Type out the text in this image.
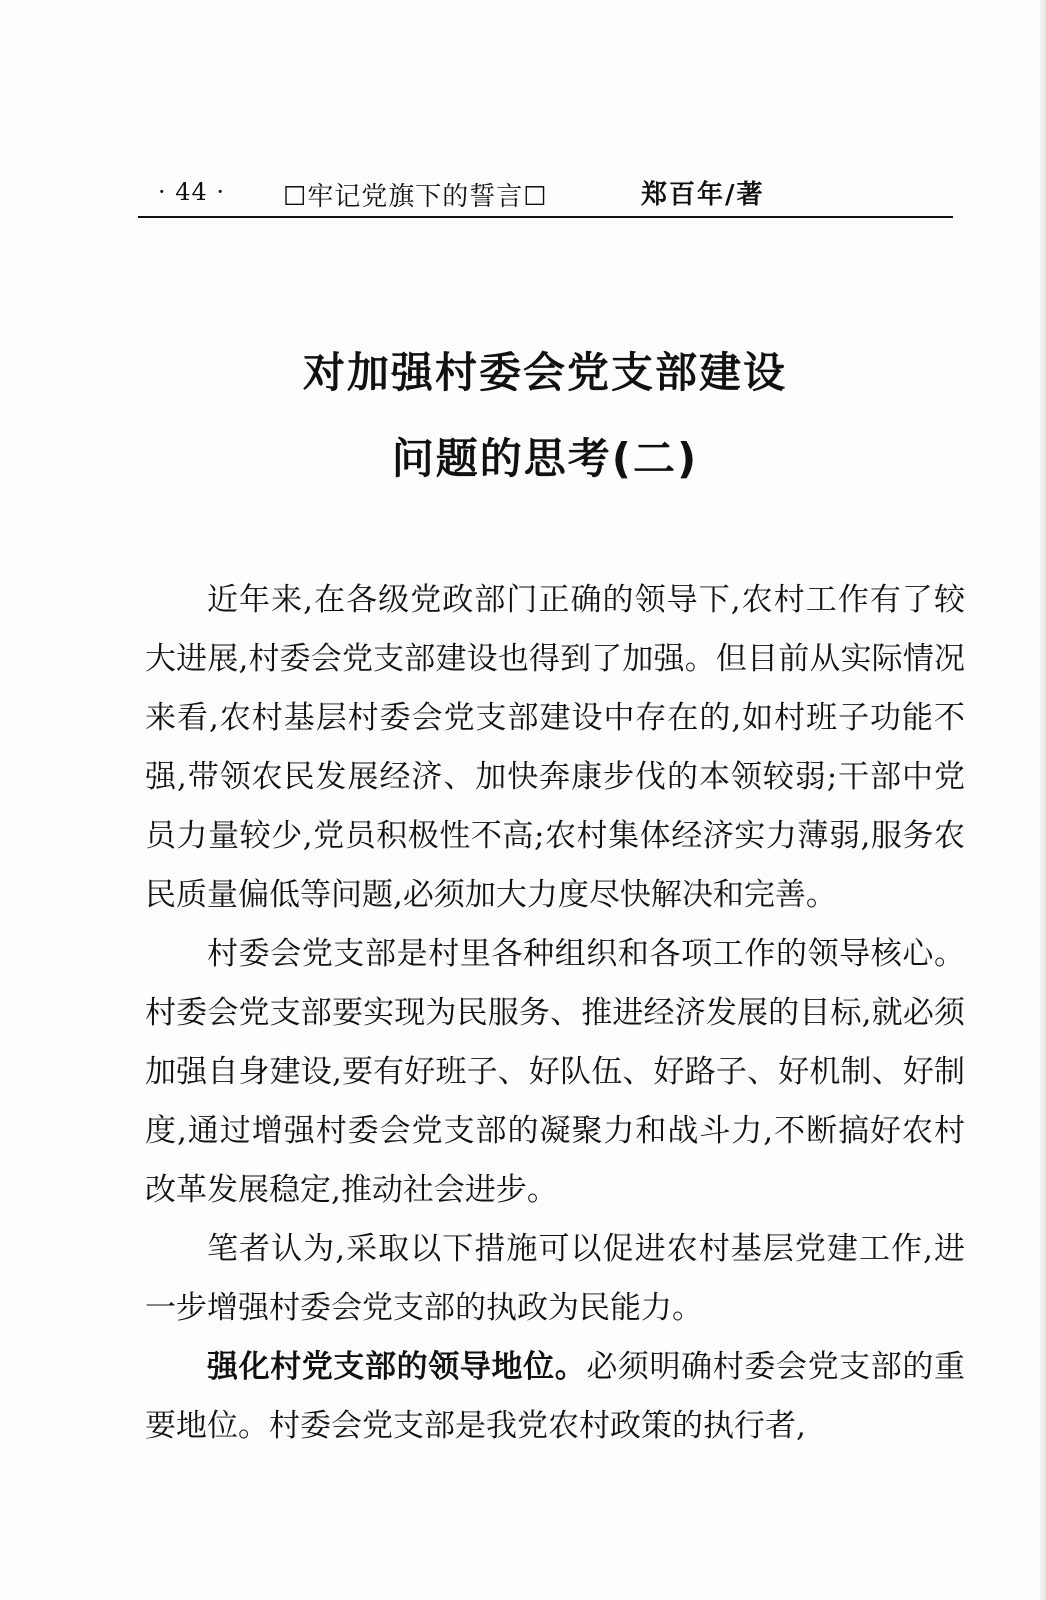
· 44 · ☐牢记党旗下的誓言☐	郑百年/著
对加强村委会党支部建设
问题的思考(二)

近年来,在各级党政部门正确的领导下,农村工作有了较大进展,村委会党支部建设也得到了加强。但目前从实际情况来看,农村基层村委会党支部建设中存在的,如村班子功能不强,带领农民发展经济、加快奔康步伐的本领较弱;干部中党员力量较少,党员积极性不高;农村集体经济实力薄弱,服务农民质量偏低等问题,必须加大力度尽快解决和完善。

村委会党支部是村里各种组织和各项工作的领导核心。村委会党支部要实现为民服务、推进经济发展的目标,就必须加强自身建设,要有好班子、好队伍、好路子、好机制、好制度,通过增强村委会党支部的凝聚力和战斗力,不断搞好农村改革发展稳定,推动社会进步。

笔者认为,采取以下措施可以促进农村基层党建工作,进一步增强村委会党支部的执政为民能力。

强化村党支部的领导地位。必须明确村委会党支部的重要地位。村委会党支部是我党农村政策的执行者,
